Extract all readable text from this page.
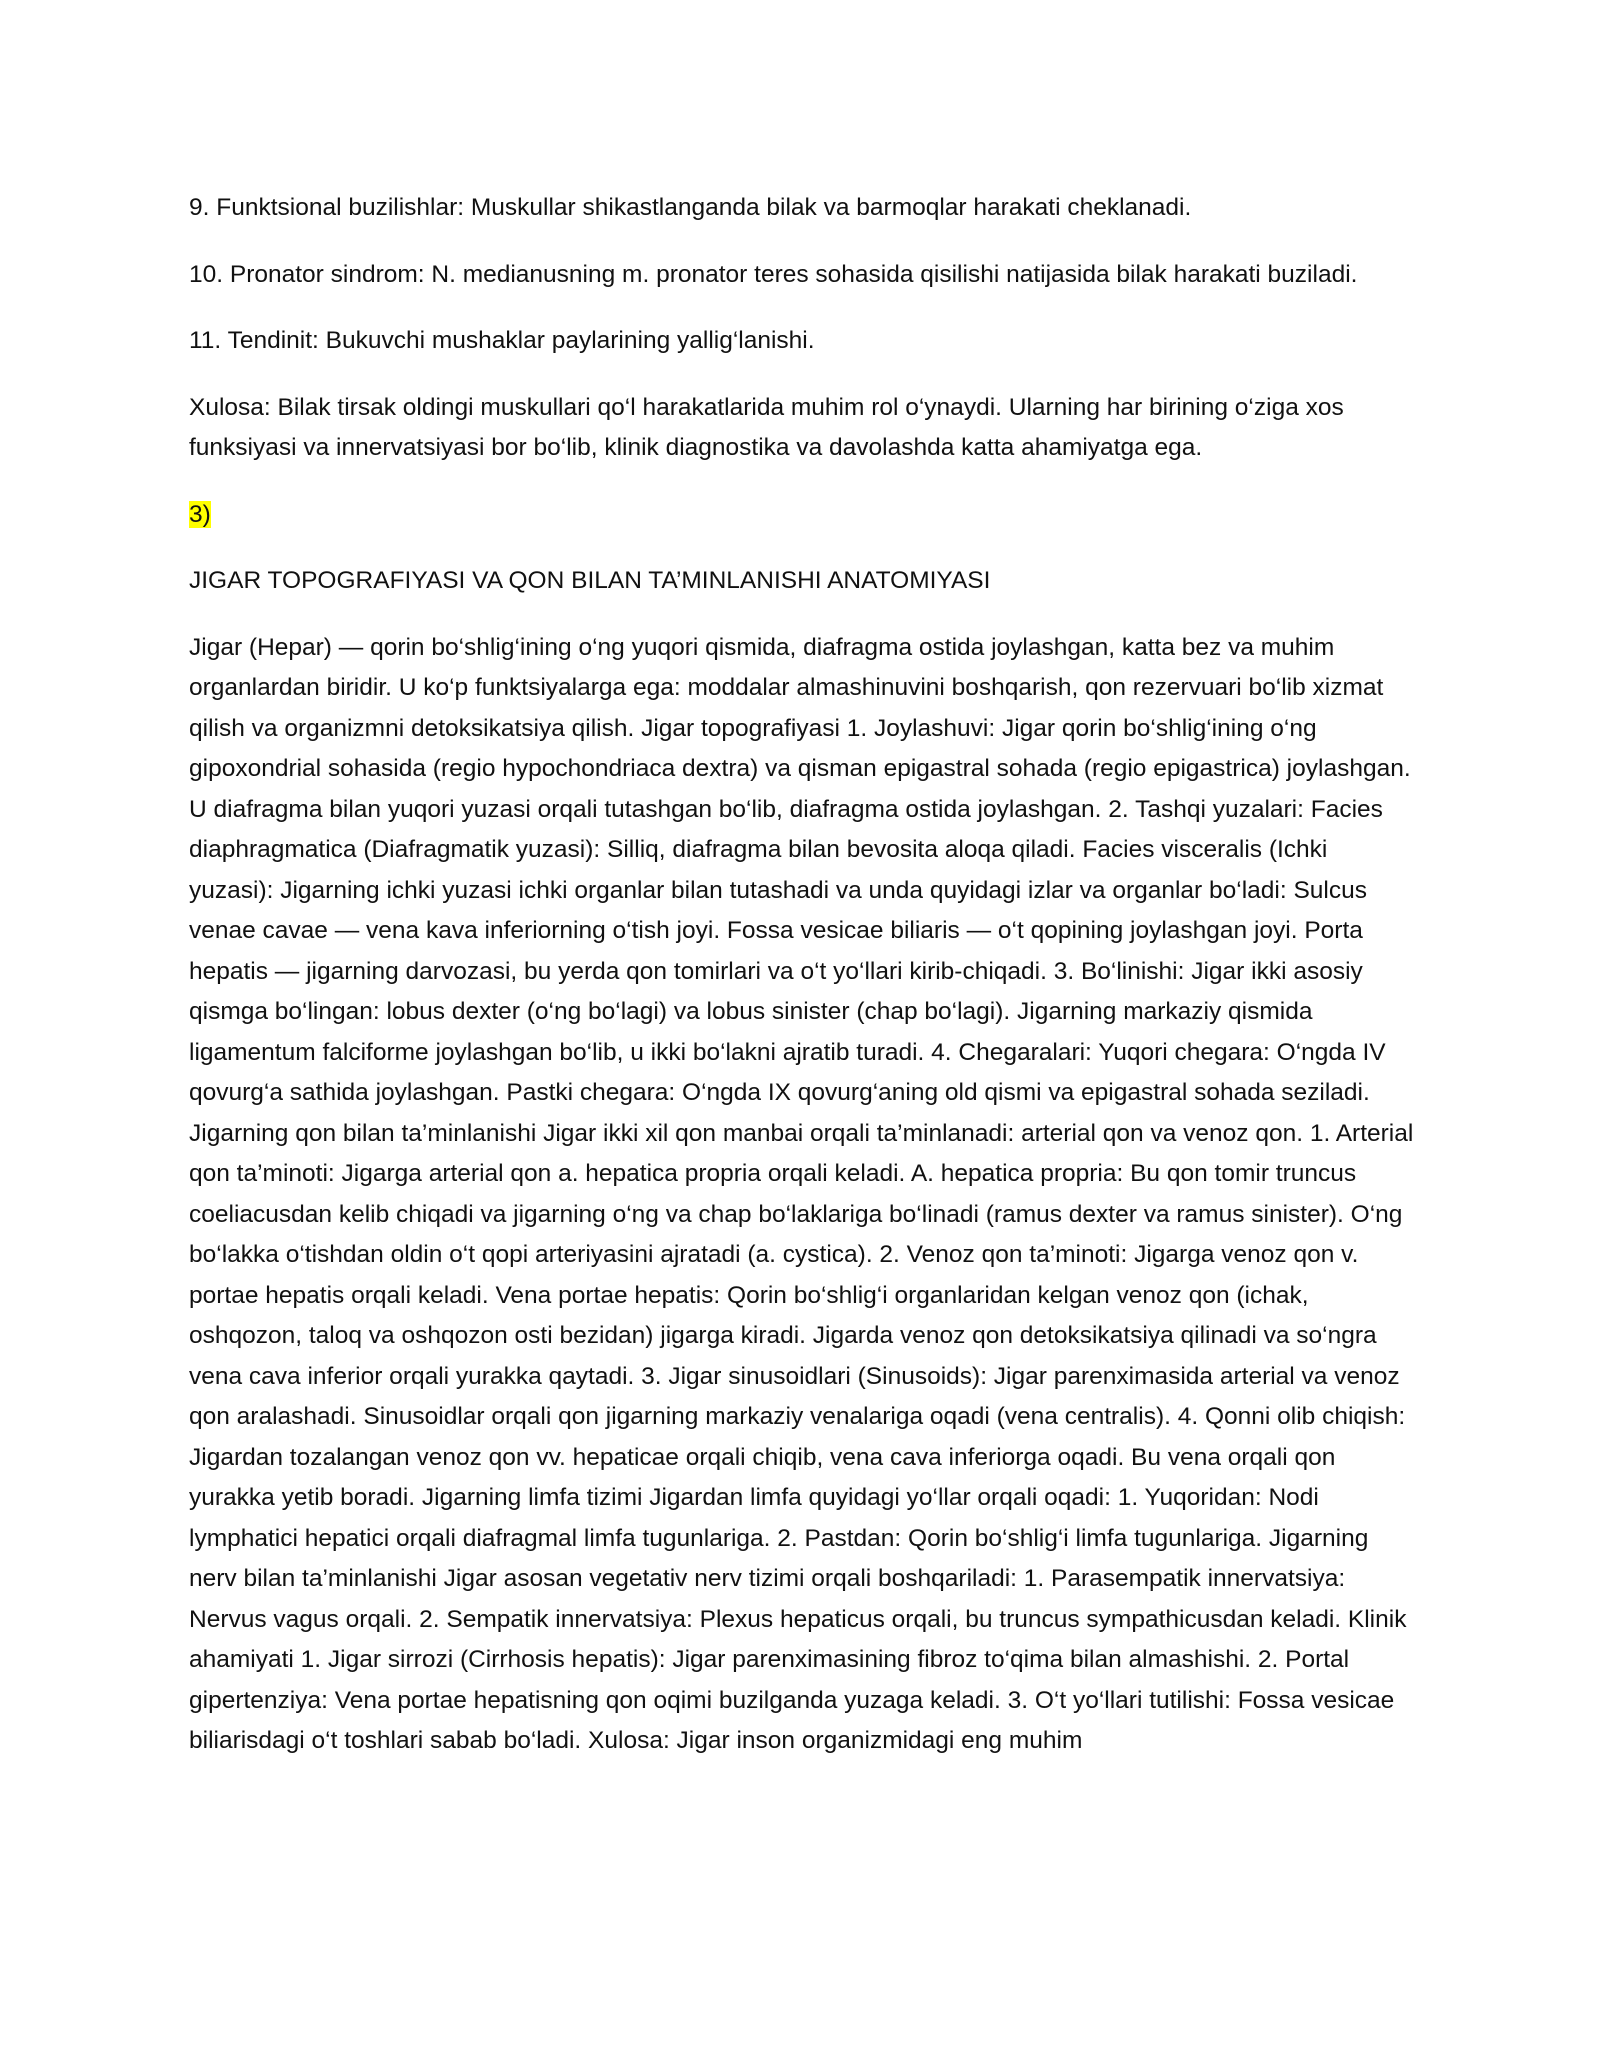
9. Funktsional buzilishlar: Muskullar shikastlanganda bilak va barmoqlar harakati cheklanadi.

10. Pronator sindrom: N. medianusning m. pronator teres sohasida qisilishi natijasida bilak harakati buziladi.

11. Tendinit: Bukuvchi mushaklar paylarining yallig‘lanishi.

Xulosa: Bilak tirsak oldingi muskullari qo‘l harakatlarida muhim rol o‘ynaydi. Ularning har birining o‘ziga xos funksiyasi va innervatsiyasi bor bo‘lib, klinik diagnostika va davolashda katta ahamiyatga ega.

3)

JIGAR TOPOGRAFIYASI VA QON BILAN TA’MINLANISHI ANATOMIYASI

Jigar (Hepar) — qorin bo‘shlig‘ining o‘ng yuqori qismida, diafragma ostida joylashgan, katta bez va muhim organlardan biridir. U ko‘p funktsiyalarga ega: moddalar almashinuvini boshqarish, qon rezervuari bo‘lib xizmat qilish va organizmni detoksikatsiya qilish. Jigar topografiyasi 1. Joylashuvi: Jigar qorin bo‘shlig‘ining o‘ng gipoxondrial sohasida (regio hypochondriaca dextra) va qisman epigastral sohada (regio epigastrica) joylashgan. U diafragma bilan yuqori yuzasi orqali tutashgan bo‘lib, diafragma ostida joylashgan. 2. Tashqi yuzalari: Facies diaphragmatica (Diafragmatik yuzasi): Silliq, diafragma bilan bevosita aloqa qiladi. Facies visceralis (Ichki yuzasi): Jigarning ichki yuzasi ichki organlar bilan tutashadi va unda quyidagi izlar va organlar bo‘ladi: Sulcus venae cavae — vena kava inferiorning o‘tish joyi. Fossa vesicae biliaris — o‘t qopining joylashgan joyi. Porta hepatis — jigarning darvozasi, bu yerda qon tomirlari va o‘t yo‘llari kirib-chiqadi. 3. Bo‘linishi: Jigar ikki asosiy qismga bo‘lingan: lobus dexter (o‘ng bo‘lagi) va lobus sinister (chap bo‘lagi). Jigarning markaziy qismida ligamentum falciforme joylashgan bo‘lib, u ikki bo‘lakni ajratib turadi. 4. Chegaralari: Yuqori chegara: O‘ngda IV qovurg‘a sathida joylashgan. Pastki chegara: O‘ngda IX qovurg‘aning old qismi va epigastral sohada seziladi. Jigarning qon bilan ta’minlanishi Jigar ikki xil qon manbai orqali ta’minlanadi: arterial qon va venoz qon. 1. Arterial qon ta’minoti: Jigarga arterial qon a. hepatica propria orqali keladi. A. hepatica propria: Bu qon tomir truncus coeliacusdan kelib chiqadi va jigarning o‘ng va chap bo‘laklariga bo‘linadi (ramus dexter va ramus sinister). O‘ng bo‘lakka o‘tishdan oldin o‘t qopi arteriyasini ajratadi (a. cystica). 2. Venoz qon ta’minoti: Jigarga venoz qon v. portae hepatis orqali keladi. Vena portae hepatis: Qorin bo‘shlig‘i organlaridan kelgan venoz qon (ichak, oshqozon, taloq va oshqozon osti bezidan) jigarga kiradi. Jigarda venoz qon detoksikatsiya qilinadi va so‘ngra vena cava inferior orqali yurakka qaytadi. 3. Jigar sinusoidlari (Sinusoids): Jigar parenximasida arterial va venoz qon aralashadi. Sinusoidlar orqali qon jigarning markaziy venalariga oqadi (vena centralis). 4. Qonni olib chiqish: Jigardan tozalangan venoz qon vv. hepaticae orqali chiqib, vena cava inferiorga oqadi. Bu vena orqali qon yurakka yetib boradi. Jigarning limfa tizimi Jigardan limfa quyidagi yo‘llar orqali oqadi: 1. Yuqoridan: Nodi lymphatici hepatici orqali diafragmal limfa tugunlariga. 2. Pastdan: Qorin bo‘shlig‘i limfa tugunlariga. Jigarning nerv bilan ta’minlanishi Jigar asosan vegetativ nerv tizimi orqali boshqariladi: 1. Parasempatik innervatsiya: Nervus vagus orqali. 2. Sempatik innervatsiya: Plexus hepaticus orqali, bu truncus sympathicusdan keladi. Klinik ahamiyati 1. Jigar sirrozi (Cirrhosis hepatis): Jigar parenximasining fibroz to‘qima bilan almashishi. 2. Portal gipertenziya: Vena portae hepatisning qon oqimi buzilganda yuzaga keladi. 3. O‘t yo‘llari tutilishi: Fossa vesicae biliarisdagi o‘t toshlari sabab bo‘ladi. Xulosa: Jigar inson organizmidagi eng muhim
